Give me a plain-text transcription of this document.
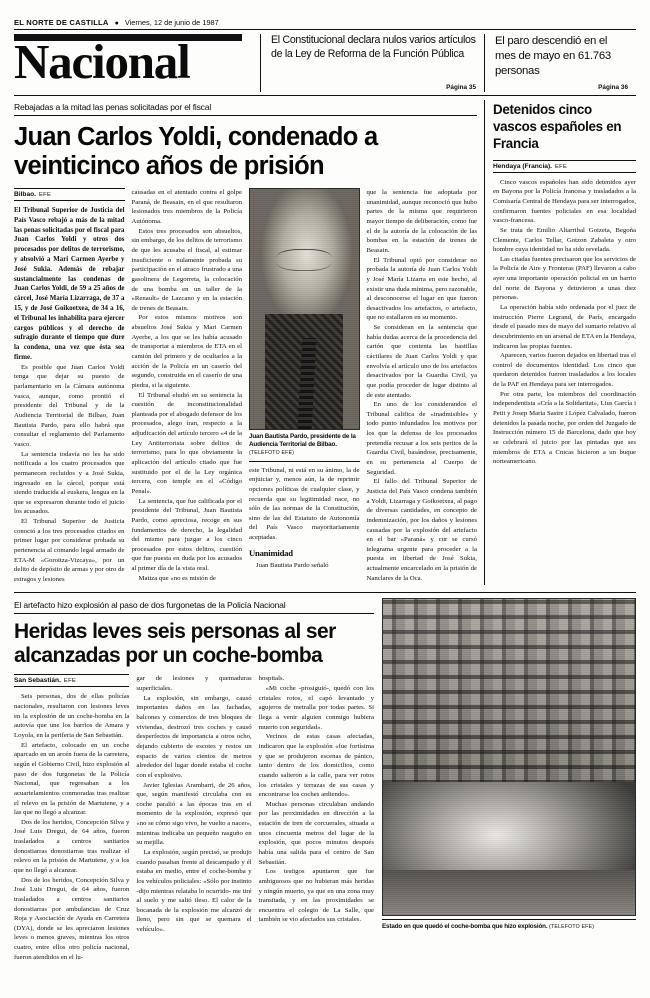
EL NORTE DE CASTILLA ● Viernes, 12 de junio de 1987
Nacional	El Constitucional declara nulos varios artículos de la Ley de Reforma de la Función Pública
Página 35
El paro descendió en el mes de mayo en 61.763 personas
Página 36
Rebajadas a la mitad las penas solicitadas por el fiscal
Juan Carlos Yoldi, condenado a veinticinco años de prisión
Bilbao. EFE

El Tribunal Superior de Justicia del País Vasco rebajó a más de la mitad las penas solicitadas por el fiscal para Juan Carlos Yoldi y otros dos procesados por delitos de terrorismo, y absolvió a Mari Carmen Ayerbe y José Sukia. Además de rebajar sustancialmente las condenas de Juan Carlos Yoldi, de 59 a 25 años de cárcel, José María Lizarraga, de 37 a 15, y de José Goikoetxea, de 34 a 16, el Tribunal les inhabilita para ejercer cargos públicos y el derecho de sufragio durante el tiempo que dure la condena, una vez que ésta sea firme.

Es posible que Juan Carlos Yoldi tenga que dejar su puesto de parlamentario en la Cámara autónoma vasca, aunque, como prontió el presidente del Tribunal y de la Audiencia Territorial de Bilbao, Juan Bautista Pardo, para ello habrá que consultar el reglamento del Parlamento vasco.

La sentencia todavía no les ha sido notificada a los cuatro procesados que permanecen recluidos y a José Sukia, ingresado en la cárcel, porque está siendo traducida al euskera, lengua en la que se expresaron durante todo el juicio los acusados.

El Tribunal Superior de Justicia conoció a los tres procesados citados en primer lugar por considerar probada su pertenencia al comando legal armado de ETA-M «Goroitza-Vizcaya», por un delito de depósito de armas y por otro de estragos y lesiones

causadas en el atentado contra el golpe Paraná, de Beasain, en el que resultaron lesionados tres miembros de la Policía Autónoma.

Estos tres procesados son absueltos, sin embargo, de los delitos de terrorismo de que les acusaba el fiscal, al estimar insuficiente o nulamente probada su participación en el atraco frustrado a una gasolinera de Legorreta, la colocación de una bomba en un taller de la «Renault» de Lazcano y en la estación de trenes de Beasain.

Por estos mismos motivos son absueltos José Sukia y Mari Carmen Ayerbe, a los que se les había acusado de transportar a miembros de ETA en el camión del primero y de ocultarlos a la acción de la Policía en un caserío del segundo, construida en el caserío de una piedra, si la siguiente.

El Tribunal eludió en su sentencia la cuestión de inconstitucionalidad planteada por el abogado defensor de los procesados, alego íran, respecto a la adjudicación del artículo tercero «4 de la Ley Antiterrorista sobre delitos de terrorismo, para lo que obviamente la aplicación del artículo citado que fue sustituido por el de la Ley orgánica tercera, con temple en el «Código Penal».

La sentencia, que fue calificada por el presidente del Tribunal, Juan Bautista Pardo, como apreciosa, recoge en sus fundamentos de derecho, la legalidad del mismo para juzgar a los cinco procesados por estos delitos, cuestión que fue puesta en duda por los acusados al primer día de la vista oral.

Matiza que «no es misión de

Juan Bautista Pardo, presidente de la Audiencia Territorial de Bilbao. (TELEFOTO EFE)

este Tribunal, ni está en su ánimo, la de enjuiciar y, menos aún, la de reprimir opciones políticas de cualquier clase, y recuerda que su legitimidad nace, no sólo de las normas de la Constitución, sino de las del Estatuto de Autonomía del País Vasco mayoritariamente aceptadas.

Unanimidad

Juan Bautista Pardo señaló

que la sentencia fue adoptada por unanimidad, aunque reconoció que hubo partes de la misma que requirieron mayor tiempo de deliberación, como fue el de la autoría de la colocación de las bombas en la estación de trenes de Beasain.

El Tribunal optó por considerar no probada la autoría de Juan Carlos Yoldi y José María Lizarra en este hecho, al existir una duda mínima, pero razonable, al desconocerse el lugar en que fueron desactivados los artefactos, o artefacto, que no estallaron en su momento.

Se consideran en la sentencia que había dudas acerca de la procedencia del cartón que contenta las bastillas cáctilares de Juan Carlos Yoldi y que envolvía el artículo uno de los artefactos desactivados por la Guardia Civil, ya que podía proceder de lugar distinto al de este atentado.

En uno de los considerandos el Tribunal califica de «inadmisible» y todo punto infundados los motivos por los que la defensa de los procesados pretendía recusar a los seis peritos de la Guardia Civil, basándose, precisamente, en su pertenencia al Cuerpo de Seguridad.

El fallo del Tribunal Superior de Justicia del País Vasco condena también a Yoldi, Lizarraga y Goikoetxea, al pago de diversas cantidades, en concepto de indemnización, por los daños y lesiones causadas por la explosión del artefacto en el bar «Paraná» y cur se cursó telegrama urgente para proceder a la puesta en libertad de José Sukia, actualmente encarcelado en la prisión de Nanclares de la Oca.

Detenidos cinco vascos españoles en Francia
Hendaya (Francia). EFE

Cinco vascos españoles han sido detenidos ayer en Bayona por la Policía francesa y trasladados a la Comisaría Central de Hendaya para ser interrogados, confirmaron fuentes policiales en esa localidad vasco-francesa.

Se trata de Emilio Altarribal Goizeta, Begoña Clemente, Carlos Tellar, Gotzon Zabaleta y otro hombre cuya identidad no ha sido revelada.

Las citadas fuentes precisaron que los servicios de la Policía de Aire y Fronteras (PAF) llevaron a cabo ayer una importante operación policial en un barrio del norte de Bayona y detuvieron a unas diez personas.

La operación había sido ordenada por el juez de instrucción Pierre Legrand, de París, encargado desde el pasado mes de mayo del sumario relativo al descubrimiento en un arsenal de ETA en la Hendaya, indicaron las propias fuentes.

Aparecen, varios fueron dejados en libertad tras el control de documentos identidad. Los cinco que quedaron detenidos fueron trasladados a los locales de la PAF en Hendaya para ser interrogados.

Por otra parte, los miembros del coordinación independentista «Cría a la Solidaritat», Lius García i Petit y Josep Maria Sastre i López Calvalado, fueron detenidos la pasada noche, por orden del Juzgado de Instrucción número 15 de Barcelona, dado que hoy se celebrará el juicio por las pintadas que ses miembros de ETA a Cnicas hicieron a un buque norteamericano.

El artefacto hizo explosión al paso de dos furgonetas de la Policía Nacional
Heridas leves seis personas al ser alcanzadas por un coche-bomba
San Sebastián. EFE

Seis personas, dos de ellas policías nacionales, resultaron con lesiones leves en la explosión de un coche-bomba en la autovía que une los barrios de Amara y Loyola, en la periferia de San Sebastián.

El artefacto, colocado en un coche aparcado en un arcén fuera de la carretera, según el Gobierno Civil, hizo explosión al paso de dos furgonetas de la Policía Nacional, que regresaban a los acuartelamientos conmoradas tras realizar el relevo en la prisión de Martutene, y a las que no llegó a alcanzar.

Dos de los heridos, Concepción Silva y José Luis Dregui, de 64 años, fueron trasladados a centros sanitarios donostiarras donostiarras tras realizar el relevo en la prisión de Martutene, y a los que no llegó a alcanzar.

Dos de los heridos, Concepción Silva y José Luis Dregui, de 64 años, fueron trasladados a centros sanitarios donostiarras por ambulancias de Cruz Roja y Asociación de Ayuda en Carretera (DYA), donde se les apreciaron lesiones leves o menos graves, mientras los otros cuatro, entre ellos otro policía nacional, fueron atendidos en el lu-

gar de lesiones y quemaduras superficiales.

La explosión, sin embargo, causó importantes daños en las fachadas, balcones y comercios de tres bloques de viviendas, destrozó tres coches y causó desperfectos de importancia a otros ocho, dejando cubierto de escotes y restos un espacio de varios cientos de metros alrededor del lugar donde estaba el coche con el explosivo.

Javier Iglesias Arambarri, de 26 años, que, según manifestó circulaba con su coche paralió a las épocas tras en el momento de la explosión, expresó que «no se cómo sigo vivo, he vuelto a nacer», mientras indicaba un pequeño rasguño en su mejilla.

La explosión, según precisó, se produjo cuando pasaban frente al descampado y él estaba en medio, entre el coche-bomba y los vehículos policiales: «Sólo por instinto -dijo mientras relataba lo ocurrido- me tiré al suelo y me salió ileso. El calor de la bocanada de la explosión me alcanzó de lleno, pero sin que se quemara el vehículo».

hospitals.

«Mi coche -prosiguió-, quedó con los cristales rotos, el capó levantado y agujeros de metralla por todas partes. Si llega a venir alguien conmigo hubiera muerto con seguridad».

Vecinos de estas casas afectadas, indicaron que la explosión «fue fortísima y que se produjeron escenas de pánico, tanto dentro de los domicilios, como cuando salieron a la calle, para ver rotos los cristales y terrazas de sus casas y encontrarse los coches ardiendo».

Muchas personas circulaban andando por las proximidades en dirección a la estación de tren de corcuerales, situada a unos cincuenta metros del lugar de la explosión, que pocos minutos después había una salida para el centro de San Sebastián.

Los testigos apuntaron que fue ambiguosos que no hubieran más heridas y ningún muerto, ya que en una zona muy transitada, y en las proximidades se encuentra el colegio de La Salle, que también se vio afectados sus cristales.

Estado en que quedó el coche-bomba que hizo explosión. (TELEFOTO EFE)
